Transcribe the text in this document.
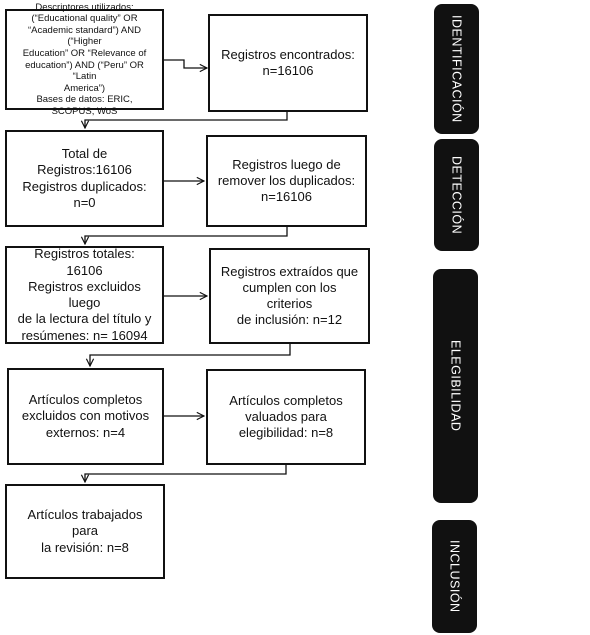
Descriptores utilizados:
(“Educational quality” OR
“Academic standard”) AND (“Higher
Education” OR “Relevance of
education”) AND (“Peru” OR “Latin
America”)
Bases de datos: ERIC, SCOPUS, WoS
Registros encontrados:
n=16106
Total de Registros:16106
Registros duplicados: n=0
Registros luego de
remover los duplicados:
n=16106
Registros totales: 16106
Registros excluidos luego
de la lectura del título y
resúmenes: n= 16094
Registros extraídos que
cumplen con los criterios
de inclusión: n=12
Artículos completos
excluidos con motivos
externos: n=4
Artículos completos
valuados para
elegibilidad: n=8
Artículos trabajados para
la revisión: n=8
IDENTIFICACIÓN
DETECCIÓN
ELEGIBILIDAD
INCLUSIÓN
